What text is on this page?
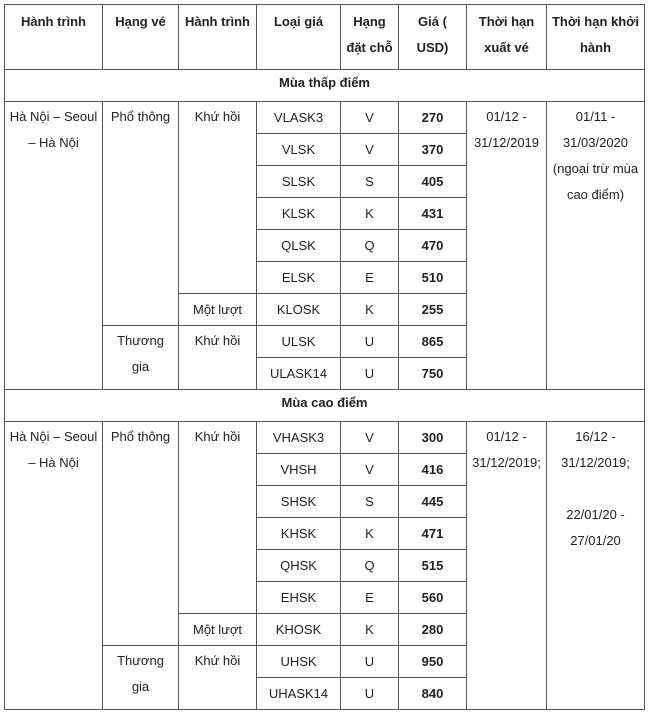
Hành trình	Hạng vé	Hành trình	Loại giá	Hạng đặt chỗ	Giá ( USD)	Thời hạn xuất vé	Thời hạn khởi hành
Mùa thấp điểm							
Hà Nội – Seoul – Hà Nội	Phổ thông	Khứ hồi	VLASK3	V	270	01/12 - 31/12/2019	01/11 - 31/03/2020 (ngoại trừ mùa cao điểm)
			VLSK	V	370		
			SLSK	S	405		
			KLSK	K	431		
			QLSK	Q	470		
			ELSK	E	510		
		Một lượt	KLOSK	K	255		
	Thương gia	Khứ hồi	ULSK	U	865		
			ULASK14	U	750		
Mùa cao điểm							
Hà Nội – Seoul – Hà Nội	Phổ thông	Khứ hồi	VHASK3	V	300	01/12 - 31/12/2019;	16/12 - 31/12/2019;
22/01/20 - 27/01/20

			VHSH	V	416		
			SHSK	S	445		
			KHSK	K	471		
			QHSK	Q	515		
			EHSK	E	560		
		Một lượt	KHOSK	K	280		
	Thương gia	Khứ hồi	UHSK	U	950		
			UHASK14	U	840		
